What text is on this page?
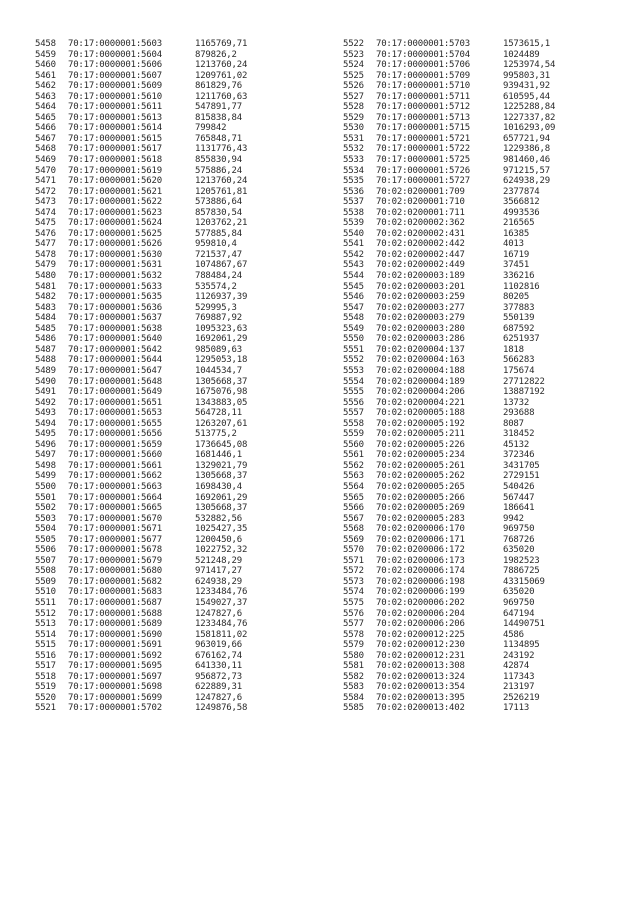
5458 70:17:0000001:5603	1165769,71
5459 70:17:0000001:5604	879826,2
5460 70:17:0000001:5606	1213760,24
5461 70:17:0000001:5607	1209761,02
5462 70:17:0000001:5609	861829,76
5463 70:17:0000001:5610	1211760,63
5464 70:17:0000001:5611	547891,77
5465 70:17:0000001:5613	815838,84
5466 70:17:0000001:5614	799842
5467 70:17:0000001:5615	765848,71
5468 70:17:0000001:5617	1131776,43
5469 70:17:0000001:5618	855830,94
5470 70:17:0000001:5619	575886,24
5471 70:17:0000001:5620	1213760,24
5472 70:17:0000001:5621	1205761,81
5473 70:17:0000001:5622	573886,64
5474 70:17:0000001:5623	857830,54
5475 70:17:0000001:5624	1203762,21
5476 70:17:0000001:5625	577885,84
5477 70:17:0000001:5626	959810,4
5478 70:17:0000001:5630	721537,47
5479 70:17:0000001:5631	1074867,67
5480 70:17:0000001:5632	788484,24
5481 70:17:0000001:5633	535574,2
5482 70:17:0000001:5635	1126937,39
5483 70:17:0000001:5636	529995,3
5484 70:17:0000001:5637	769887,92
5485 70:17:0000001:5638	1095323,63
5486 70:17:0000001:5640	1692061,29
5487 70:17:0000001:5642	985089,63
5488 70:17:0000001:5644	1295053,18
5489 70:17:0000001:5647	1044534,7
5490 70:17:0000001:5648	1305668,37
5491 70:17:0000001:5649	1675076,98
5492 70:17:0000001:5651	1343883,05
5493 70:17:0000001:5653	564728,11
5494 70:17:0000001:5655	1263207,61
5495 70:17:0000001:5656	513775,2
5496 70:17:0000001:5659	1736645,08
5497 70:17:0000001:5660	1681446,1
5498 70:17:0000001:5661	1329021,79
5499 70:17:0000001:5662	1305668,37
5500 70:17:0000001:5663	1698430,4
5501 70:17:0000001:5664	1692061,29
5502 70:17:0000001:5665	1305668,37
5503 70:17:0000001:5670	532882,56
5504 70:17:0000001:5671	1025427,35
5505 70:17:0000001:5677	1200450,6
5506 70:17:0000001:5678	1022752,32
5507 70:17:0000001:5679	521248,29
5508 70:17:0000001:5680	971417,27
5509 70:17:0000001:5682	624938,29
5510 70:17:0000001:5683	1233484,76
5511 70:17:0000001:5687	1549027,37
5512 70:17:0000001:5688	1247827,6
5513 70:17:0000001:5689	1233484,76
5514 70:17:0000001:5690	1581811,02
5515 70:17:0000001:5691	963019,66
5516 70:17:0000001:5692	676162,74
5517 70:17:0000001:5695	641330,11
5518 70:17:0000001:5697	956872,73
5519 70:17:0000001:5698	622889,31
5520 70:17:0000001:5699	1247827,6
5521 70:17:0000001:5702	1249876,58
5522 70:17:0000001:5703	1573615,1
5523 70:17:0000001:5704	1024489
5524 70:17:0000001:5706	1253974,54
5525 70:17:0000001:5709	995803,31
5526 70:17:0000001:5710	939431,92
5527 70:17:0000001:5711	610595,44
5528 70:17:0000001:5712	1225288,84
5529 70:17:0000001:5713	1227337,82
5530 70:17:0000001:5715	1016293,09
5531 70:17:0000001:5721	657721,94
5532 70:17:0000001:5722	1229386,8
5533 70:17:0000001:5725	981460,46
5534 70:17:0000001:5726	971215,57
5535 70:17:0000001:5727	624938,29
5536 70:02:0200001:709	2377874
5537 70:02:0200001:710	3566812
5538 70:02:0200001:711	4993536
5539 70:02:0200002:362	216565
5540 70:02:0200002:431	16385
5541 70:02:0200002:442	4013
5542 70:02:0200002:447	16719
5543 70:02:0200002:449	37451
5544 70:02:0200003:189	336216
5545 70:02:0200003:201	1102816
5546 70:02:0200003:259	80205
5547 70:02:0200003:277	377883
5548 70:02:0200003:279	550139
5549 70:02:0200003:280	687592
5550 70:02:0200003:286	6251937
5551 70:02:0200004:137	1818
5552 70:02:0200004:163	566283
5553 70:02:0200004:188	175674
5554 70:02:0200004:189	27712822
5555 70:02:0200004:206	13887192
5556 70:02:0200004:221	13732
5557 70:02:0200005:188	293688
5558 70:02:0200005:192	8087
5559 70:02:0200005:211	318452
5560 70:02:0200005:226	45132
5561 70:02:0200005:234	372346
5562 70:02:0200005:261	3431705
5563 70:02:0200005:262	2729151
5564 70:02:0200005:265	540426
5565 70:02:0200005:266	567447
5566 70:02:0200005:269	186641
5567 70:02:0200005:283	9942
5568 70:02:0200006:170	969750
5569 70:02:0200006:171	768726
5570 70:02:0200006:172	635020
5571 70:02:0200006:173	1982523
5572 70:02:0200006:174	7886725
5573 70:02:0200006:198	43315069
5574 70:02:0200006:199	635020
5575 70:02:0200006:202	969750
5576 70:02:0200006:204	647194
5577 70:02:0200006:206	14490751
5578 70:02:0200012:225	4586
5579 70:02:0200012:230	1134895
5580 70:02:0200012:231	243192
5581 70:02:0200013:308	42874
5582 70:02:0200013:324	117343
5583 70:02:0200013:354	213197
5584 70:02:0200013:395	2526219
5585 70:02:0200013:402	17113
